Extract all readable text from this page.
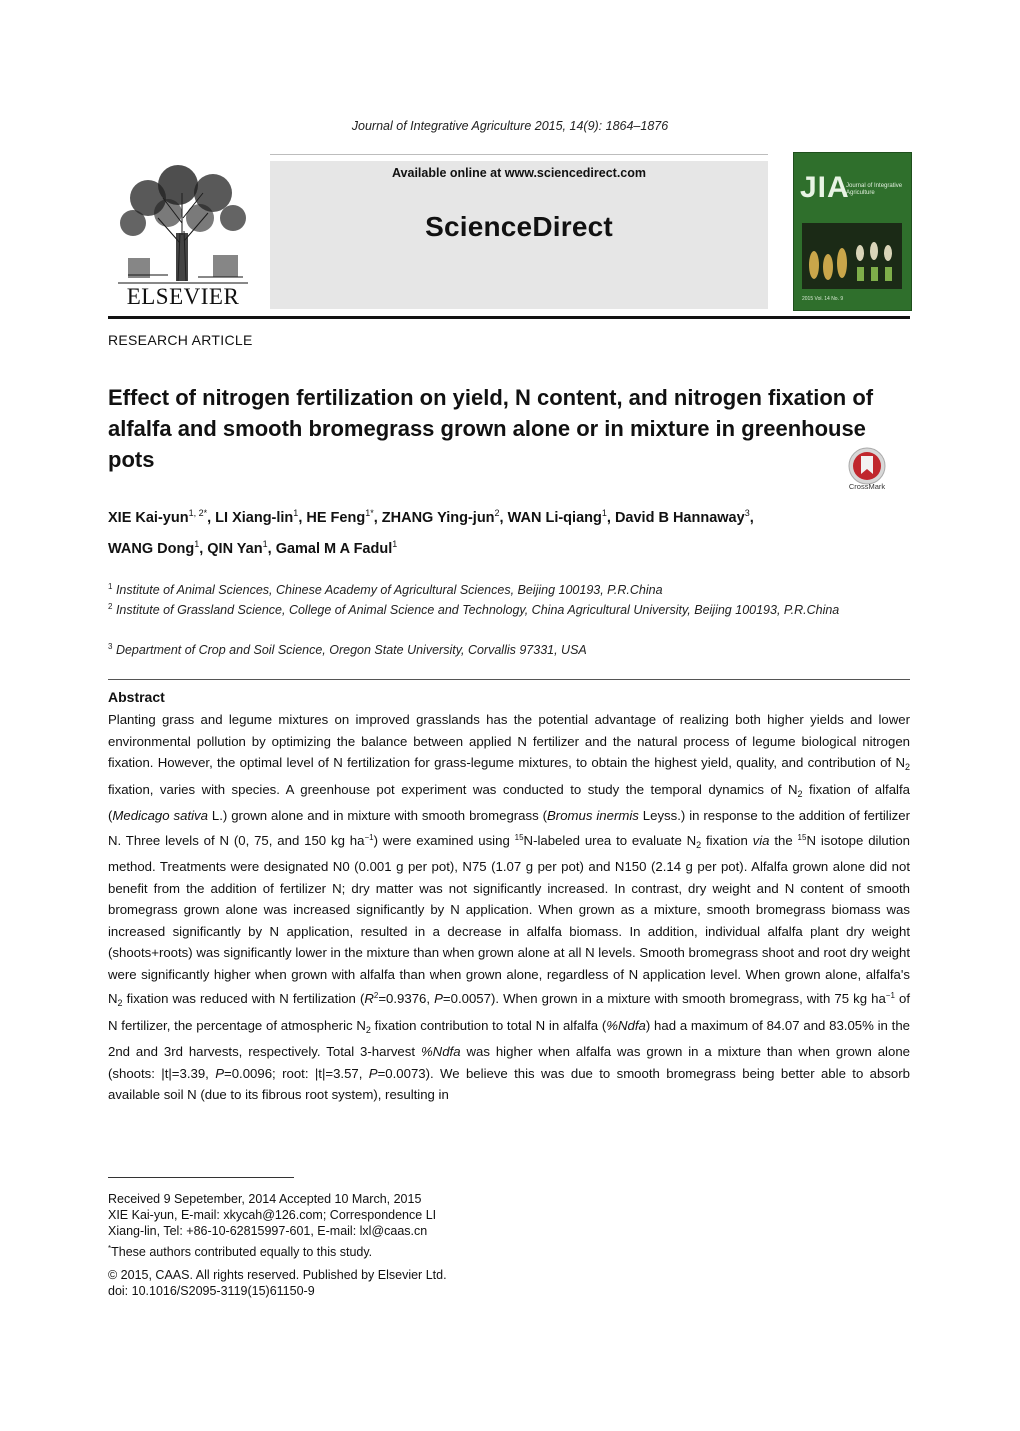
Journal of Integrative Agriculture 2015, 14(9): 1864–1876
ELSEVIER
Available online at www.sciencedirect.com
ScienceDirect
JIA
Journal of Integrative Agriculture
2015 Vol. 14 No. 9
RESEARCH ARTICLE
Effect of nitrogen fertilization on yield, N content, and nitrogen fixation of alfalfa and smooth bromegrass grown alone or in mixture in greenhouse pots
CrossMark
XIE Kai-yun$^{1, 2*}$, LI Xiang-lin$^1$, HE Feng$^{1*}$, ZHANG Ying-jun$^2$, WAN Li-qiang$^1$, David B Hannaway$^3$,
WANG Dong$^1$, QIN Yan$^1$, Gamal M A Fadul$^1$
$^1$ Institute of Animal Sciences, Chinese Academy of Agricultural Sciences, Beijing 100193, P.R.China
$^2$ Institute of Grassland Science, College of Animal Science and Technology, China Agricultural University, Beijing 100193, P.R.China
$^3$ Department of Crop and Soil Science, Oregon State University, Corvallis 97331, USA
Abstract
Planting grass and legume mixtures on improved grasslands has the potential advantage of realizing both higher yields and lower environmental pollution by optimizing the balance between applied N fertilizer and the natural process of legume biological nitrogen fixation. However, the optimal level of N fertilization for grass-legume mixtures, to obtain the highest yield, quality, and contribution of $N_2$ fixation, varies with species. A greenhouse pot experiment was conducted to study the temporal dynamics of $N_2$ fixation of alfalfa (Medicago sativa L.) grown alone and in mixture with smooth bromegrass (Bromus inermis Leyss.) in response to the addition of fertilizer N. Three levels of N (0, 75, and 150 kg $ha^{-1}$) were examined using $^{15}$N-labeled urea to evaluate $N_2$ fixation via the $^{15}$N isotope dilution method. Treatments were designated N0 (0.001 g per pot), N75 (1.07 g per pot) and N150 (2.14 g per pot). Alfalfa grown alone did not benefit from the addition of fertilizer N; dry matter was not significantly increased. In contrast, dry weight and N content of smooth bromegrass grown alone was increased significantly by N application. When grown as a mixture, smooth bromegrass biomass was increased significantly by N application, resulted in a decrease in alfalfa biomass. In addition, individual alfalfa plant dry weight (shoots+roots) was significantly lower in the mixture than when grown alone at all N levels. Smooth bromegrass shoot and root dry weight were significantly higher when grown with alfalfa than when grown alone, regardless of N application level. When grown alone, alfalfa's $N_2$ fixation was reduced with N fertilization ($R^2=0.9376$, P=0.0057). When grown in a mixture with smooth bromegrass, with 75 kg $ha^{-1}$ of N fertilizer, the percentage of atmospheric $N_2$ fixation contribution to total N in alfalfa (%Ndfa) had a maximum of 84.07 and 83.05% in the 2nd and 3rd harvests, respectively. Total 3-harvest %Ndfa was higher when alfalfa was grown in a mixture than when grown alone (shoots: |t|=3.39, P=0.0096; root: |t|=3.57, P=0.0073). We believe this was due to smooth bromegrass being better able to absorb available soil N (due to its fibrous root system), resulting in
Received 9 Sepetember, 2014 Accepted 10 March, 2015
XIE Kai-yun, E-mail: xkycah@126.com; Correspondence LI
Xiang-lin, Tel: +86-10-62815997-601, E-mail: lxl@caas.cn
*These authors contributed equally to this study.
© 2015, CAAS. All rights reserved. Published by Elsevier Ltd.
doi: 10.1016/S2095-3119(15)61150-9
